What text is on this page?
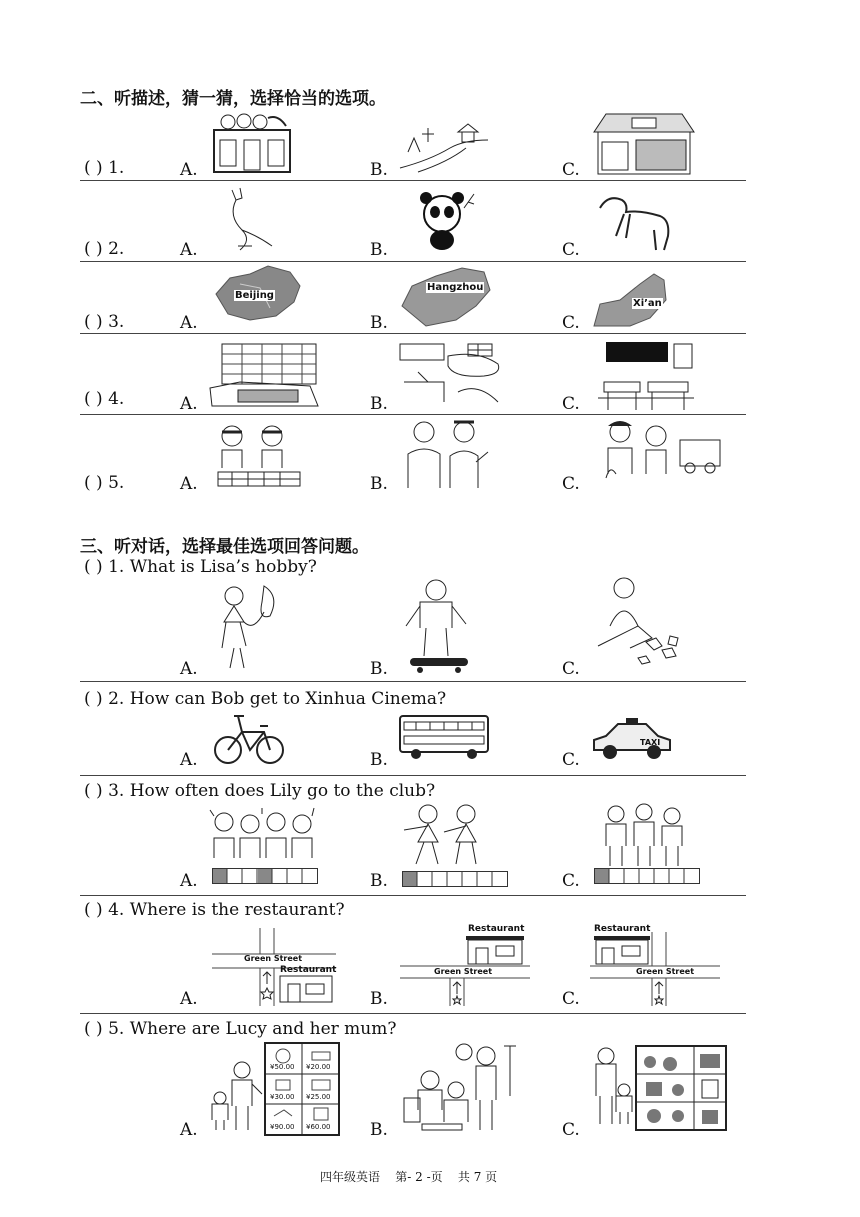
二、听描述，猜一猜，选择恰当的选项。
( ) 1.	A.	B.	C.
( ) 2.	A.	B.	C.
( ) 3.	A.	B.	C.
Beijing
Hangzhou
Xi’an
( ) 4.	A.	B.	C.
( ) 5.	A.	B.	C.
三、听对话，选择最佳选项回答问题。
( ) 1. What is Lisa’s hobby?
A.	B.	C.
( ) 2. How can Bob get to Xinhua Cinema?
A.	B.	C.
TAXI
( ) 3. How often does Lily go to the club?
A.	B.	C.
( ) 4. Where is the restaurant?
A.	B.	C.
Green Street
Restaurant
Restaurant
Green Street
Restaurant
Green Street
( ) 5. Where are Lucy and her mum?
A.	B.	C.
¥50.00 ¥20.00
¥30.00 ¥25.00
¥90.00 ¥60.00
四年级英语    第- 2 -页    共 7 页
